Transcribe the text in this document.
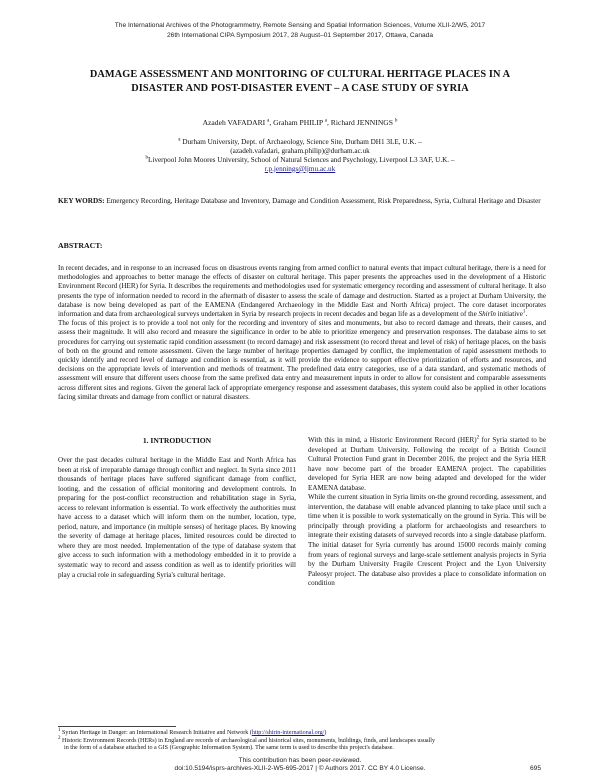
The International Archives of the Photogrammetry, Remote Sensing and Spatial Information Sciences, Volume XLII-2/W5, 2017
26th International CIPA Symposium 2017, 28 August–01 September 2017, Ottawa, Canada
DAMAGE ASSESSMENT AND MONITORING OF CULTURAL HERITAGE PLACES IN A
DISASTER AND POST-DISASTER EVENT – A CASE STUDY OF SYRIA
Azadeh VAFADARI $^a$, Graham PHILIP $^a$, Richard JENNINGS $^b$
$^a$ Durham University, Dept. of Archaeology, Science Site, Durham DH1 3LE, U.K. –
(azadeh.vafadari, graham.philip)@durham.ac.uk
$^b$Liverpool John Moores University, School of Natural Sciences and Psychology, Liverpool L3 3AF, U.K. –
r.p.jennings@ljmu.ac.uk
KEY WORDS: Emergency Recording, Heritage Database and Inventory, Damage and Condition Assessment, Risk Preparedness, Syria, Cultural Heritage and Disaster
ABSTRACT:

In recent decades, and in response to an increased focus on disastrous events ranging from armed conflict to natural events that impact cultural heritage, there is a need for methodologies and approaches to better manage the effects of disaster on cultural heritage. This paper presents the approaches used in the development of a Historic Environment Record (HER) for Syria. It describes the requirements and methodologies used for systematic emergency recording and assessment of cultural heritage. It also presents the type of information needed to record in the aftermath of disaster to assess the scale of damage and destruction. Started as a project at Durham University, the database is now being developed as part of the EAMENA (Endangered Archaeology in the Middle East and North Africa) project. The core dataset incorporates information and data from archaeological surveys undertaken in Syria by research projects in recent decades and began life as a development of the Shirīn initiative$^1$.

The focus of this project is to provide a tool not only for the recording and inventory of sites and monuments, but also to record damage and threats, their causes, and assess their magnitude. It will also record and measure the significance in order to be able to prioritize emergency and preservation responses. The database aims to set procedures for carrying out systematic rapid condition assessment (to record damage) and risk assessment (to record threat and level of risk) of heritage places, on the basis of both on the ground and remote assessment. Given the large number of heritage properties damaged by conflict, the implementation of rapid assessment methods to quickly identify and record level of damage and condition is essential, as it will provide the evidence to support effective prioritization of efforts and resources, and decisions on the appropriate levels of intervention and methods of treatment. The predefined data entry categories, use of a data standard, and systematic methods of assessment will ensure that different users choose from the same prefixed data entry and measurement inputs in order to allow for consistent and comparable assessments across different sites and regions. Given the general lack of appropriate emergency response and assessment databases, this system could also be applied in other locations facing similar threats and damage from conflict or natural disasters.

1. INTRODUCTION

Over the past decades cultural heritage in the Middle East and North Africa has been at risk of irreparable damage through conflict and neglect. In Syria since 2011 thousands of heritage places have suffered significant damage from conflict, looting, and the cessation of official monitoring and development controls. In preparing for the post-conflict reconstruction and rehabilitation stage in Syria, access to relevant information is essential. To work effectively the authorities must have access to a dataset which will inform them on the number, location, type, period, nature, and importance (in multiple senses) of heritage places. By knowing the severity of damage at heritage places, limited resources could be directed to where they are most needed. Implementation of the type of database system that give access to such information with a methodology embedded in it to provide a systematic way to record and assess condition as well as to identify priorities will play a crucial role in safeguarding Syria's cultural heritage.

With this in mind, a Historic Environment Record (HER)$^2$ for Syria started to be developed at Durham University. Following the receipt of a British Council Cultural Protection Fund grant in December 2016, the project and the Syria HER have now become part of the broader EAMENA project. The capabilities developed for Syria HER are now being adapted and developed for the wider EAMENA database.

While the current situation in Syria limits on-the ground recording, assessment, and intervention, the database will enable advanced planning to take place until such a time when it is possible to work systematically on the ground in Syria. This will be principally through providing a platform for archaeologists and researchers to integrate their existing datasets of surveyed records into a single database platform. The initial dataset for Syria currently has around 15000 records mainly coming from years of regional surveys and large-scale settlement analysis projects in Syria by the Durham University Fragile Crescent Project and the Lyon University Paleosyr project. The database also provides a place to consolidate information on condition

$^1$ Syrian Heritage in Danger: an International Research Initiative and Network (http://shirin-international.org/)
$^2$ Historic Environment Records (HERs) in England are records of archaeological and historical sites, monuments, buildings, finds, and landscapes usually
in the form of a database attached to a GIS (Geographic Information System). The same term is used to describe this project's database.
This contribution has been peer-reviewed.
doi:10.5194/isprs-archives-XLII-2-W5-695-2017 | © Authors 2017. CC BY 4.0 License.	695
